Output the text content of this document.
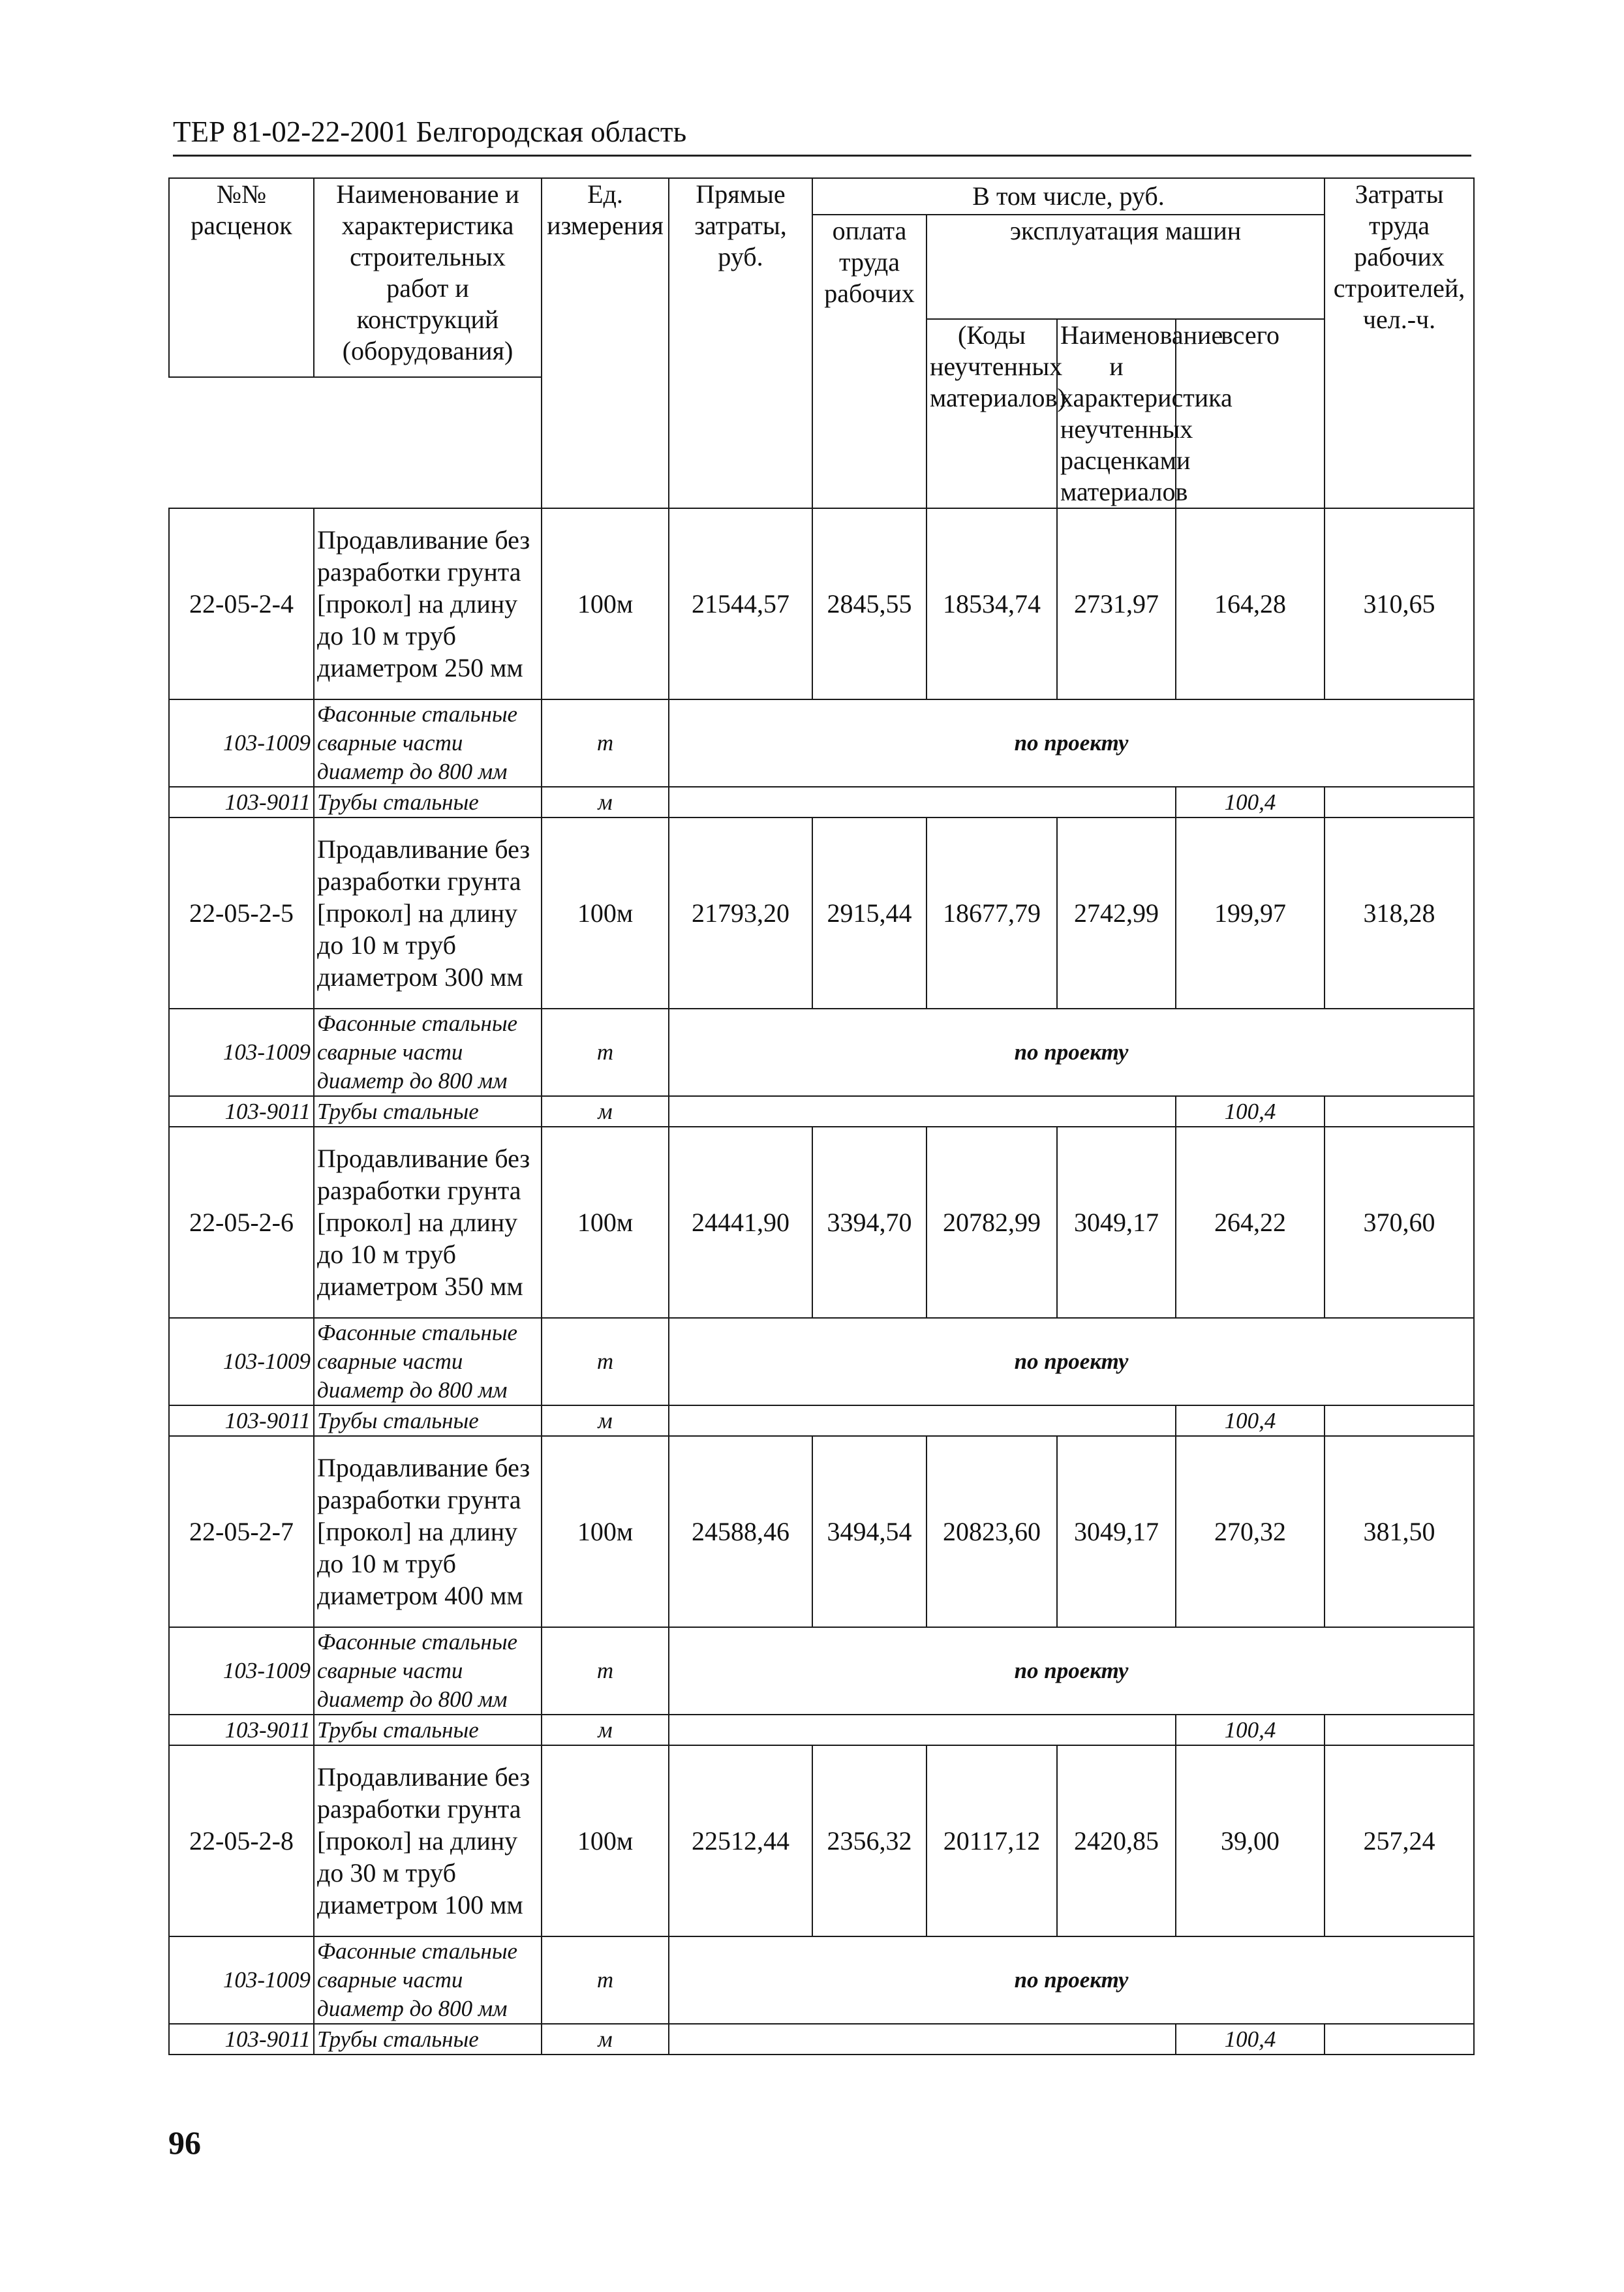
ТЕР 81-02-22-2001 Белгородская область
№№ расценок	Наименование и характеристика строительных работ и конструкций (оборудования)	Ед. измерения	Прямые затраты, руб.	В том числе, руб.				Затраты труда рабочих строителей, чел.-ч.	
				оплата труда рабочих	эксплуатация машин	
					(Коды неучтенных материалов)	Наименование и характеристика неучтенных расценками материалов	всего		

22-05-2-4	Продавливание без разработки грунта [прокол] на длину до 10 м труб диаметром 250 мм	100м	21544,57	2845,55	18534,74	2731,97	164,28	310,65	
103-1009	Фасонные стальные сварные части диаметр до 800 мм	т	по проекту						
103-9011	Трубы стальные	м					100,4		
22-05-2-5	Продавливание без разработки грунта [прокол] на длину до 10 м труб диаметром 300 мм	100м	21793,20	2915,44	18677,79	2742,99	199,97	318,28	
103-1009	Фасонные стальные сварные части диаметр до 800 мм	т	по проекту						
103-9011	Трубы стальные	м					100,4		
22-05-2-6	Продавливание без разработки грунта [прокол] на длину до 10 м труб диаметром 350 мм	100м	24441,90	3394,70	20782,99	3049,17	264,22	370,60	
103-1009	Фасонные стальные сварные части диаметр до 800 мм	т	по проекту						
103-9011	Трубы стальные	м					100,4		
22-05-2-7	Продавливание без разработки грунта [прокол] на длину до 10 м труб диаметром 400 мм	100м	24588,46	3494,54	20823,60	3049,17	270,32	381,50	
103-1009	Фасонные стальные сварные части диаметр до 800 мм	т	по проекту						
103-9011	Трубы стальные	м					100,4		
22-05-2-8	Продавливание без разработки грунта [прокол] на длину до 30 м труб диаметром 100 мм	100м	22512,44	2356,32	20117,12	2420,85	39,00	257,24	
103-1009	Фасонные стальные сварные части диаметр до 800 мм	т	по проекту						
103-9011	Трубы стальные	м					100,4		
96
